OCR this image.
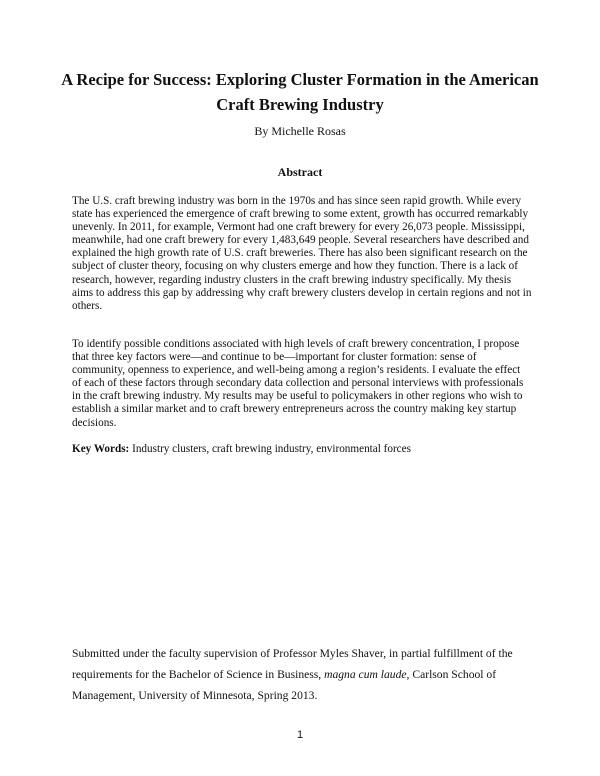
A Recipe for Success: Exploring Cluster Formation in the American
Craft Brewing Industry

By Michelle Rosas

Abstract

The U.S. craft brewing industry was born in the 1970s and has since seen rapid growth. While every state has experienced the emergence of craft brewing to some extent, growth has occurred remarkably unevenly. In 2011, for example, Vermont had one craft brewery for every 26,073 people. Mississippi, meanwhile, had one craft brewery for every 1,483,649 people. Several researchers have described and explained the high growth rate of U.S. craft breweries. There has also been significant research on the subject of cluster theory, focusing on why clusters emerge and how they function. There is a lack of research, however, regarding industry clusters in the craft brewing industry specifically. My thesis aims to address this gap by addressing why craft brewery clusters develop in certain regions and not in others.

To identify possible conditions associated with high levels of craft brewery concentration, I propose that three key factors were—and continue to be—important for cluster formation: sense of community, openness to experience, and well-being among a region’s residents. I evaluate the effect of each of these factors through secondary data collection and personal interviews with professionals in the craft brewing industry. My results may be useful to policymakers in other regions who wish to establish a similar market and to craft brewery entrepreneurs across the country making key startup decisions.

Key Words: Industry clusters, craft brewing industry, environmental forces

Submitted under the faculty supervision of Professor Myles Shaver, in partial fulfillment of the requirements for the Bachelor of Science in Business, magna cum laude, Carlson School of Management, University of Minnesota, Spring 2013.

1
